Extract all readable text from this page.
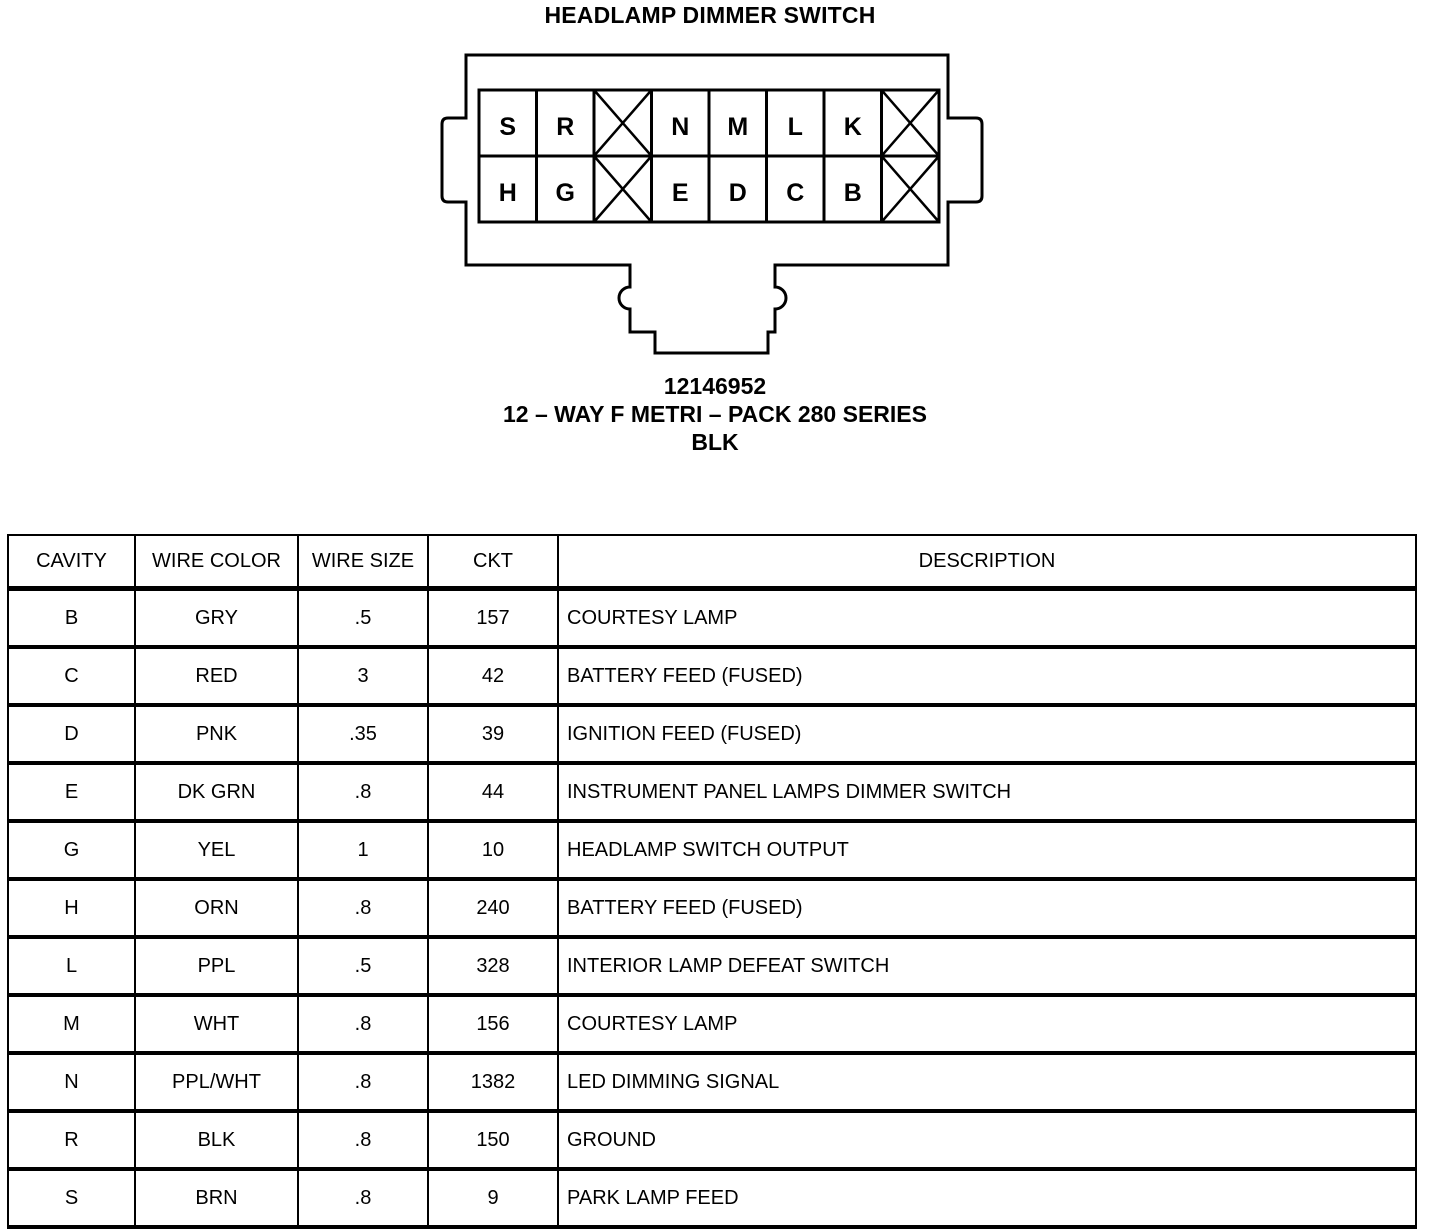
HEADLAMP DIMMER SWITCH
S R	N M L K
H G	E D C B
12146952
12 – WAY F METRI – PACK 280 SERIES
BLK
CAVITY	WIRE COLOR	WIRE SIZE	CKT	DESCRIPTION
B	GRY	.5	157	COURTESY LAMP
C	RED	3	42	BATTERY FEED (FUSED)
D	PNK	.35	39	IGNITION FEED (FUSED)
E	DK GRN	.8	44	INSTRUMENT PANEL LAMPS DIMMER SWITCH
G	YEL	1	10	HEADLAMP SWITCH OUTPUT
H	ORN	.8	240	BATTERY FEED (FUSED)
L	PPL	.5	328	INTERIOR LAMP DEFEAT SWITCH
M	WHT	.8	156	COURTESY LAMP
N	PPL/WHT	.8	1382	LED DIMMING SIGNAL
R	BLK	.8	150	GROUND
S	BRN	.8	9	PARK LAMP FEED
